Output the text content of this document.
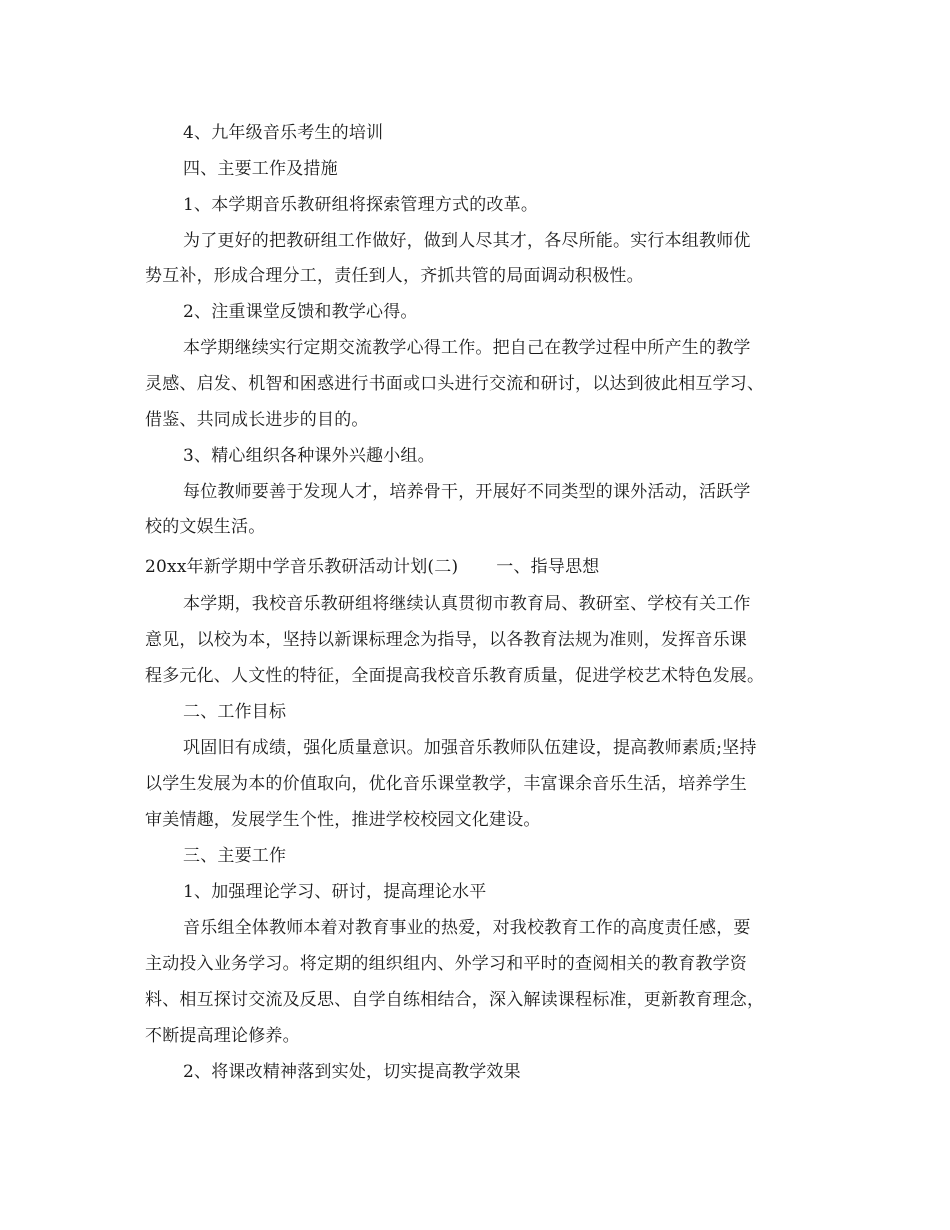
4、九年级音乐考生的培训
四、主要工作及措施
1、本学期音乐教研组将探索管理方式的改革。
为了更好的把教研组工作做好，做到人尽其才，各尽所能。实行本组教师优
势互补，形成合理分工，责任到人，齐抓共管的局面调动积极性。
2、注重课堂反馈和教学心得。
本学期继续实行定期交流教学心得工作。把自己在教学过程中所产生的教学
灵感、启发、机智和困惑进行书面或口头进行交流和研讨，以达到彼此相互学习、
借鉴、共同成长进步的目的。
3、精心组织各种课外兴趣小组。
每位教师要善于发现人才，培养骨干，开展好不同类型的课外活动，活跃学
校的文娱生活。
20xx年新学期中学音乐教研活动计划(二) 一、指导思想
本学期，我校音乐教研组将继续认真贯彻市教育局、教研室、学校有关工作
意见，以校为本，坚持以新课标理念为指导，以各教育法规为准则，发挥音乐课
程多元化、人文性的特征，全面提高我校音乐教育质量，促进学校艺术特色发展。
二、工作目标
巩固旧有成绩，强化质量意识。加强音乐教师队伍建设，提高教师素质;坚持
以学生发展为本的价值取向，优化音乐课堂教学，丰富课余音乐生活，培养学生
审美情趣，发展学生个性，推进学校校园文化建设。
三、主要工作
1、加强理论学习、研讨，提高理论水平
音乐组全体教师本着对教育事业的热爱，对我校教育工作的高度责任感，要
主动投入业务学习。将定期的组织组内、外学习和平时的查阅相关的教育教学资
料、相互探讨交流及反思、自学自练相结合，深入解读课程标准，更新教育理念，
不断提高理论修养。
2、将课改精神落到实处，切实提高教学效果
